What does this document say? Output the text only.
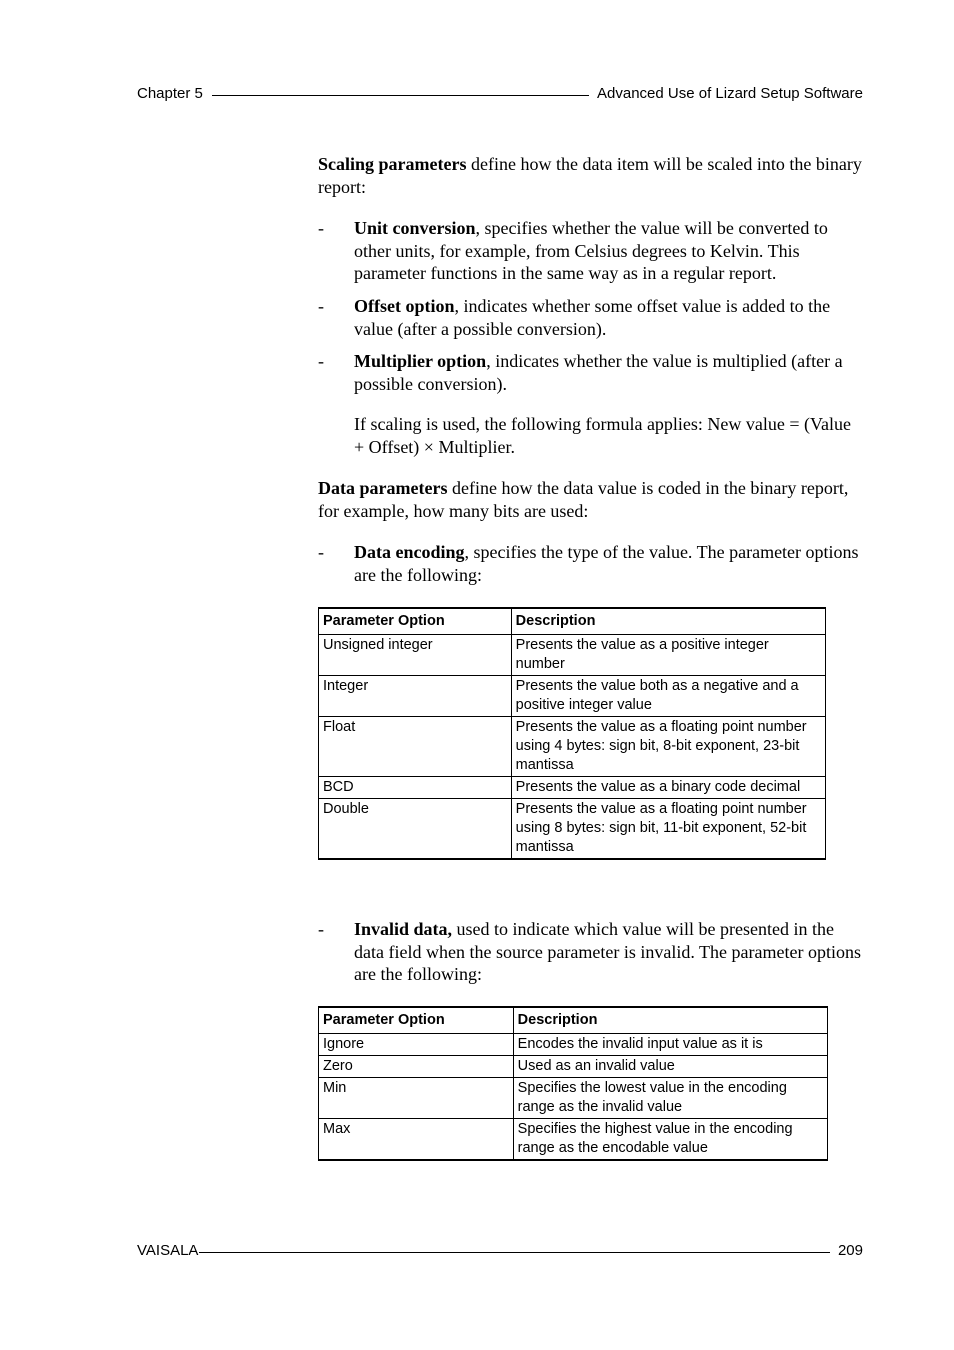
Chapter 5	Advanced Use of Lizard Setup Software

Scaling parameters define how the data item will be scaled into the binary report:

- Unit conversion, specifies whether the value will be converted to other units, for example, from Celsius degrees to Kelvin. This parameter functions in the same way as in a regular report.
- Offset option, indicates whether some offset value is added to the value (after a possible conversion).
- Multiplier option, indicates whether the value is multiplied (after a possible conversion).
If scaling is used, the following formula applies: New value = (Value + Offset) × Multiplier.

Data parameters define how the data value is coded in the binary report, for example, how many bits are used:

- Data encoding, specifies the type of the value. The parameter options are the following:
Parameter Option	Description
Unsigned integer	Presents the value as a positive integer number
Integer	Presents the value both as a negative and a positive integer value
Float	Presents the value as a floating point number using 4 bytes: sign bit, 8-bit exponent, 23-bit mantissa
BCD	Presents the value as a binary code decimal
Double	Presents the value as a floating point number using 8 bytes: sign bit, 11-bit exponent, 52-bit mantissa
- Invalid data, used to indicate which value will be presented in the data field when the source parameter is invalid. The parameter options are the following:
Parameter Option	Description
Ignore	Encodes the invalid input value as it is
Zero	Used as an invalid value
Min	Specifies the lowest value in the encoding range as the invalid value
Max	Specifies the highest value in the encoding range as the encodable value
VAISALA	209
